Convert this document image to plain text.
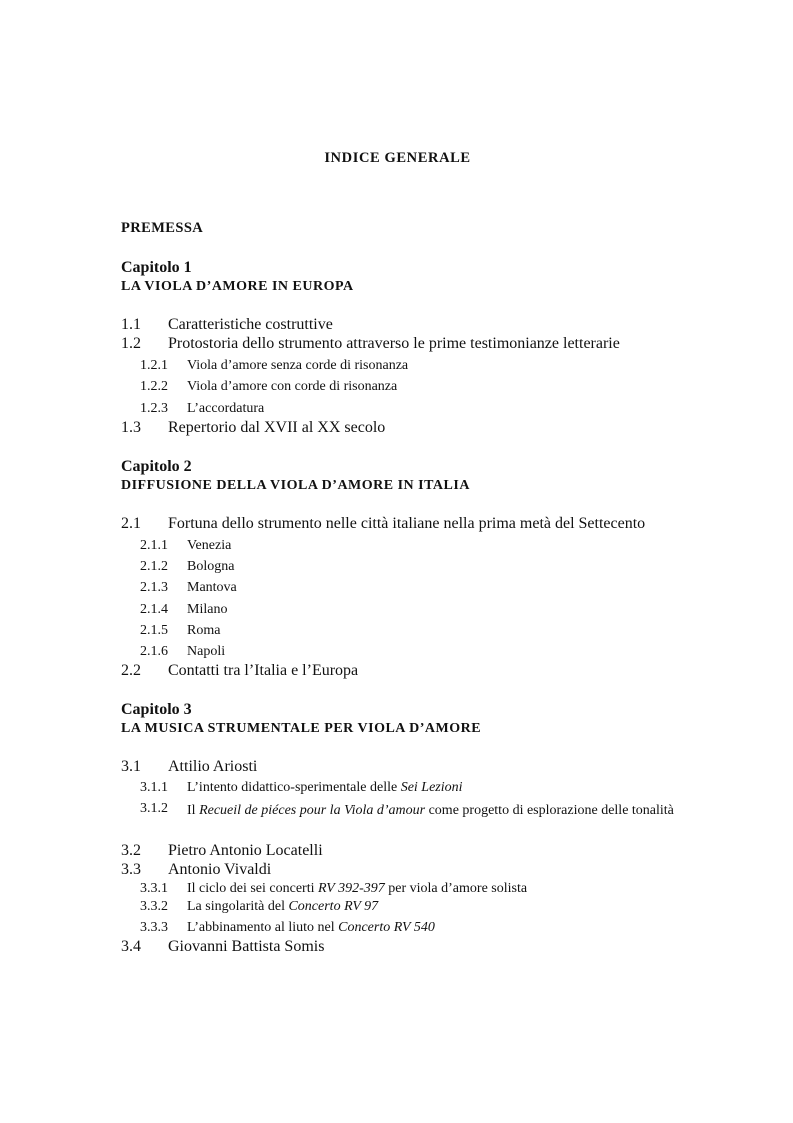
INDICE GENERALE
PREMESSA
Capitolo 1
LA VIOLA D’AMORE IN EUROPA
1.1 Caratteristiche costruttive
1.2 Protostoria dello strumento attraverso le prime testimonianze letterarie
1.2.1 Viola d’amore senza corde di risonanza
1.2.2 Viola d’amore con corde di risonanza
1.2.3 L’accordatura
1.3 Repertorio dal XVII al XX secolo
Capitolo 2
DIFFUSIONE DELLA VIOLA D’AMORE IN ITALIA
2.1 Fortuna dello strumento nelle città italiane nella prima metà del Settecento
2.1.1 Venezia
2.1.2 Bologna
2.1.3 Mantova
2.1.4 Milano
2.1.5 Roma
2.1.6 Napoli
2.2 Contatti tra l’Italia e l’Europa
Capitolo 3
LA MUSICA STRUMENTALE PER VIOLA D’AMORE
3.1 Attilio Ariosti
3.1.1 L’intento didattico-sperimentale delle Sei Lezioni
3.1.2 Il Recueil de piéces pour la Viola d’amour come progetto di esplorazione delle tonalità
3.2 Pietro Antonio Locatelli
3.3 Antonio Vivaldi
3.3.1 Il ciclo dei sei concerti RV 392-397 per viola d’amore solista
3.3.2 La singolarità del Concerto RV 97
3.3.3 L’abbinamento al liuto nel Concerto RV 540
3.4 Giovanni Battista Somis
